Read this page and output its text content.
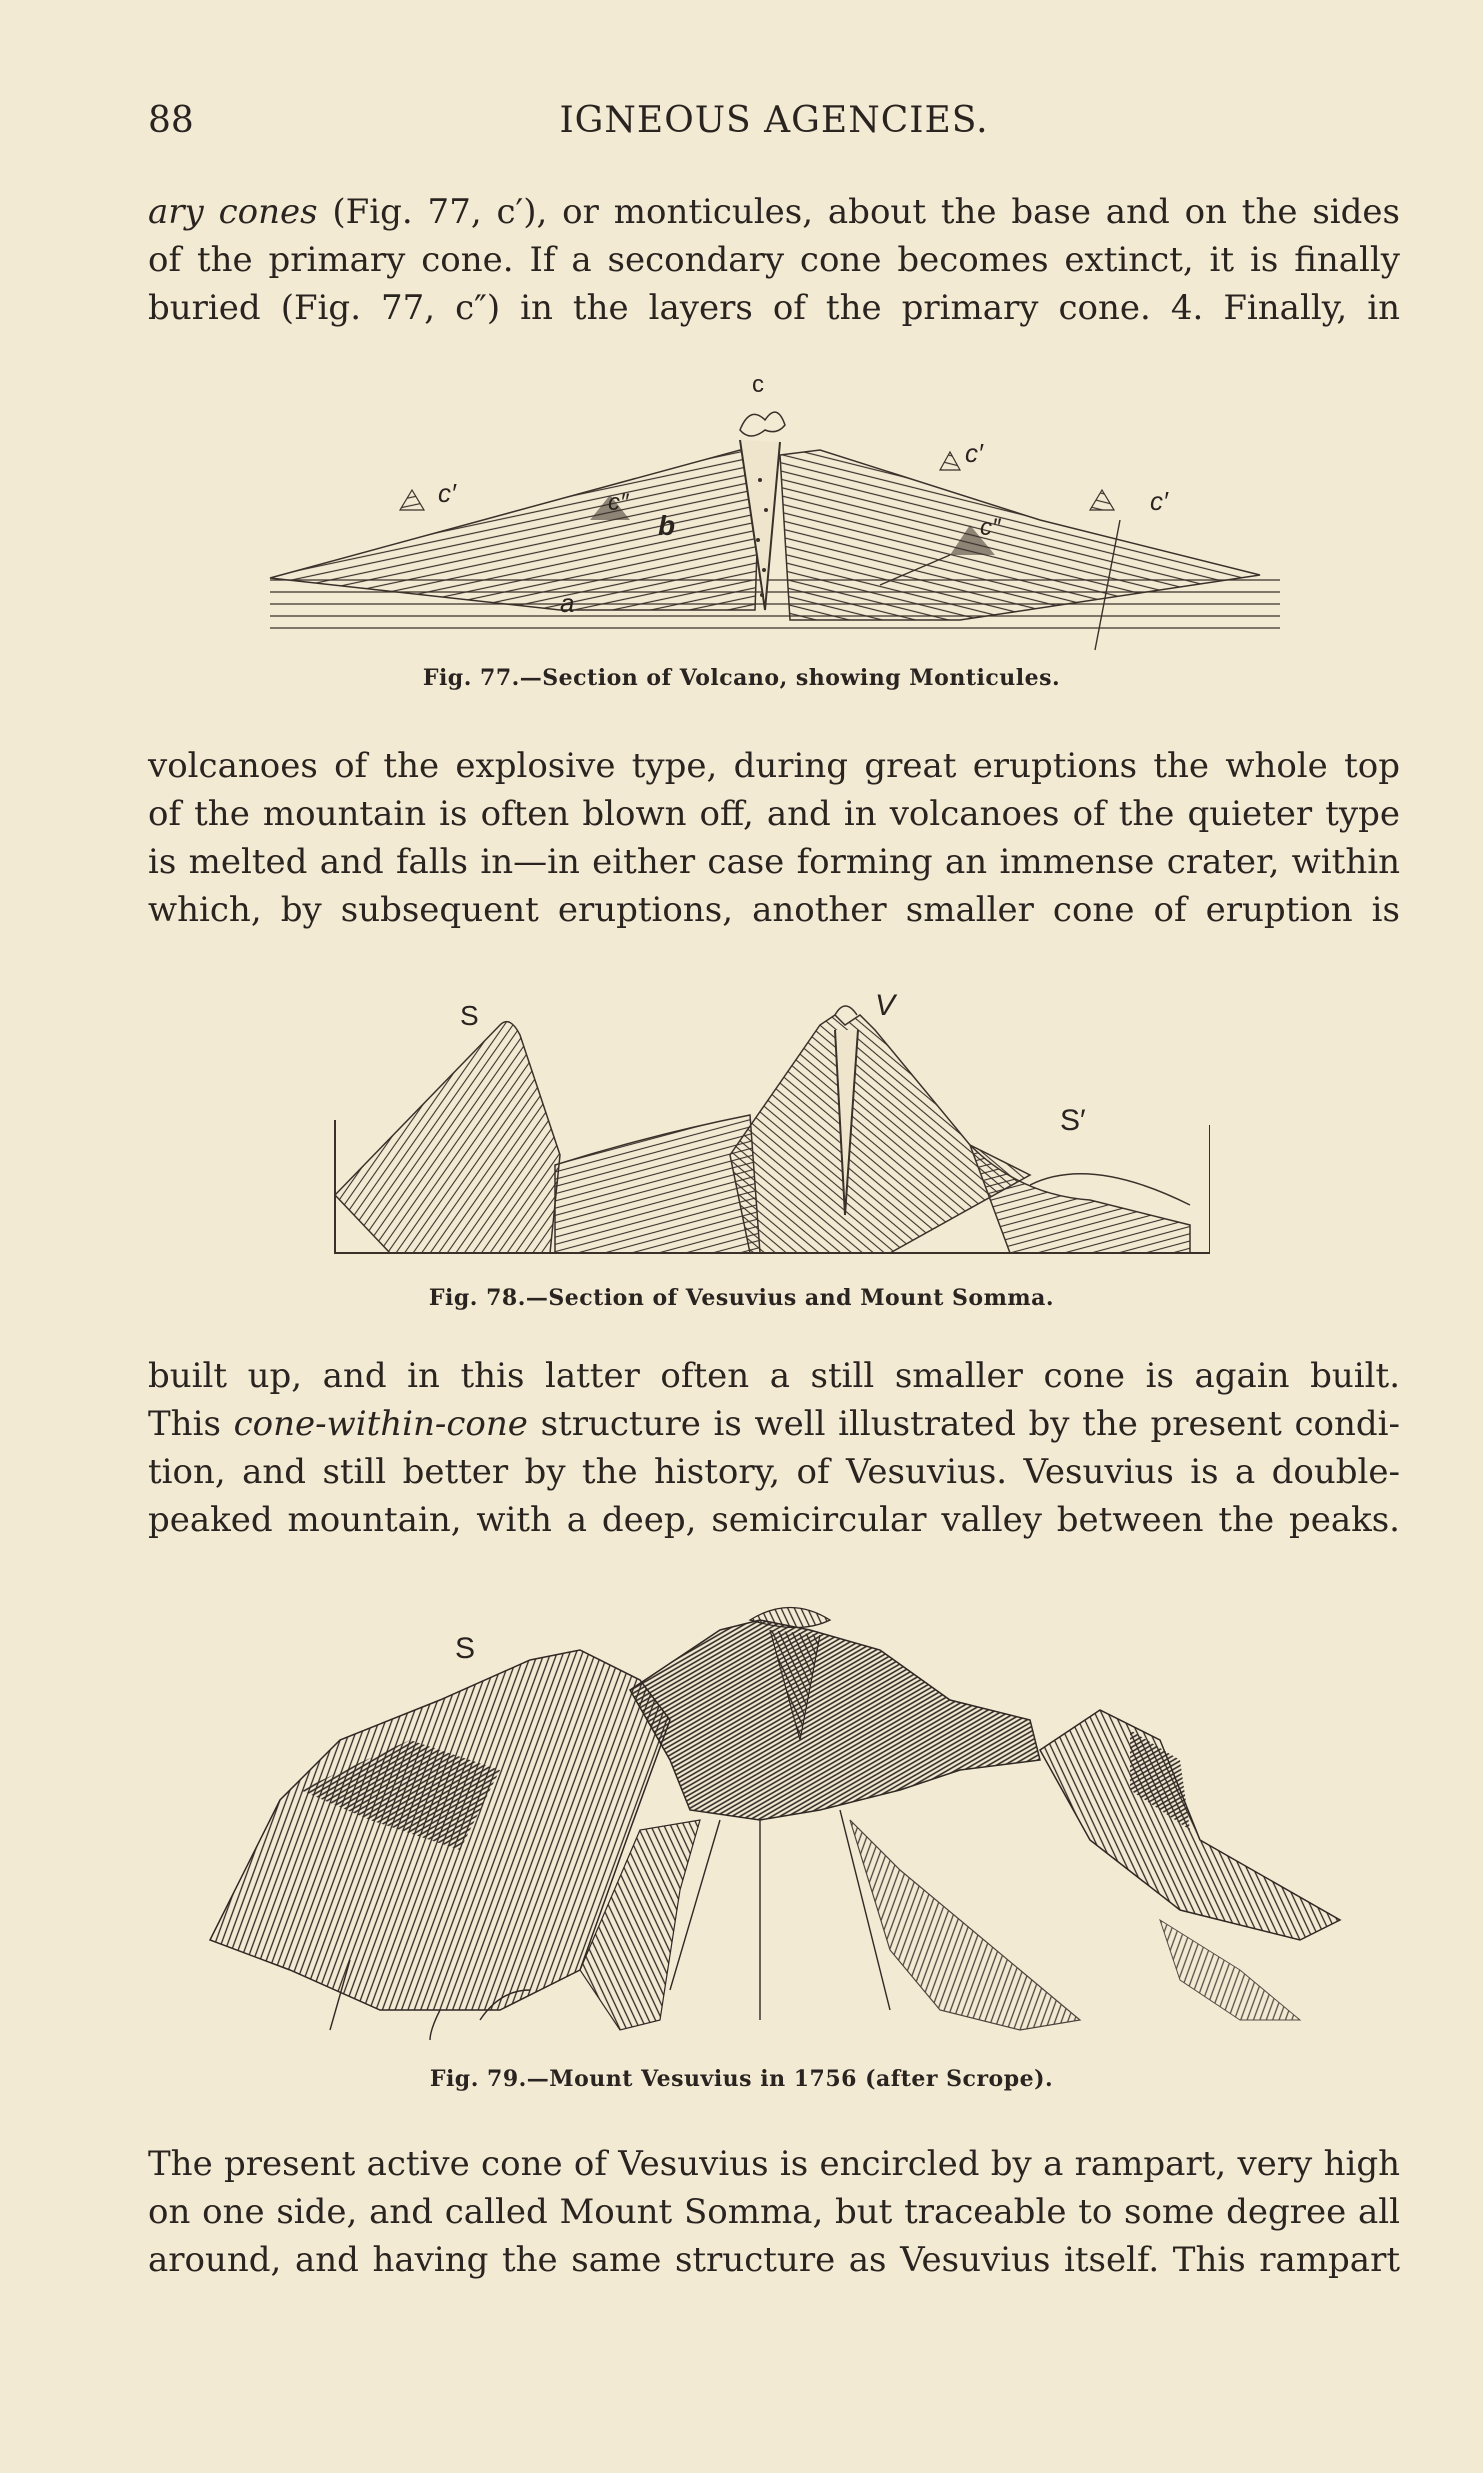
88	IGNEOUS AGENCIES.
ary cones (Fig. 77, c′), or monticules, about the base and on the sides
of the primary cone. If a secondary cone becomes extinct, it is finally
buried (Fig. 77, c″) in the layers of the primary cone. 4. Finally, in
c
c′
c′
c′
c″
c″
b
a
Fig. 77.—Section of Volcano, showing Monticules.
volcanoes of the explosive type, during great eruptions the whole top
of the mountain is often blown off, and in volcanoes of the quieter type
is melted and falls in—in either case forming an immense crater, within
which, by subsequent eruptions, another smaller cone of eruption is
S	V
S′
Fig. 78.—Section of Vesuvius and Mount Somma.
built up, and in this latter often a still smaller cone is again built.
This cone-within-cone structure is well illustrated by the present condi-
tion, and still better by the history, of Vesuvius. Vesuvius is a double-
peaked mountain, with a deep, semicircular valley between the peaks.
S
Fig. 79.—Mount Vesuvius in 1756 (after Scrope).
The present active cone of Vesuvius is encircled by a rampart, very high
on one side, and called Mount Somma, but traceable to some degree all
around, and having the same structure as Vesuvius itself. This rampart
